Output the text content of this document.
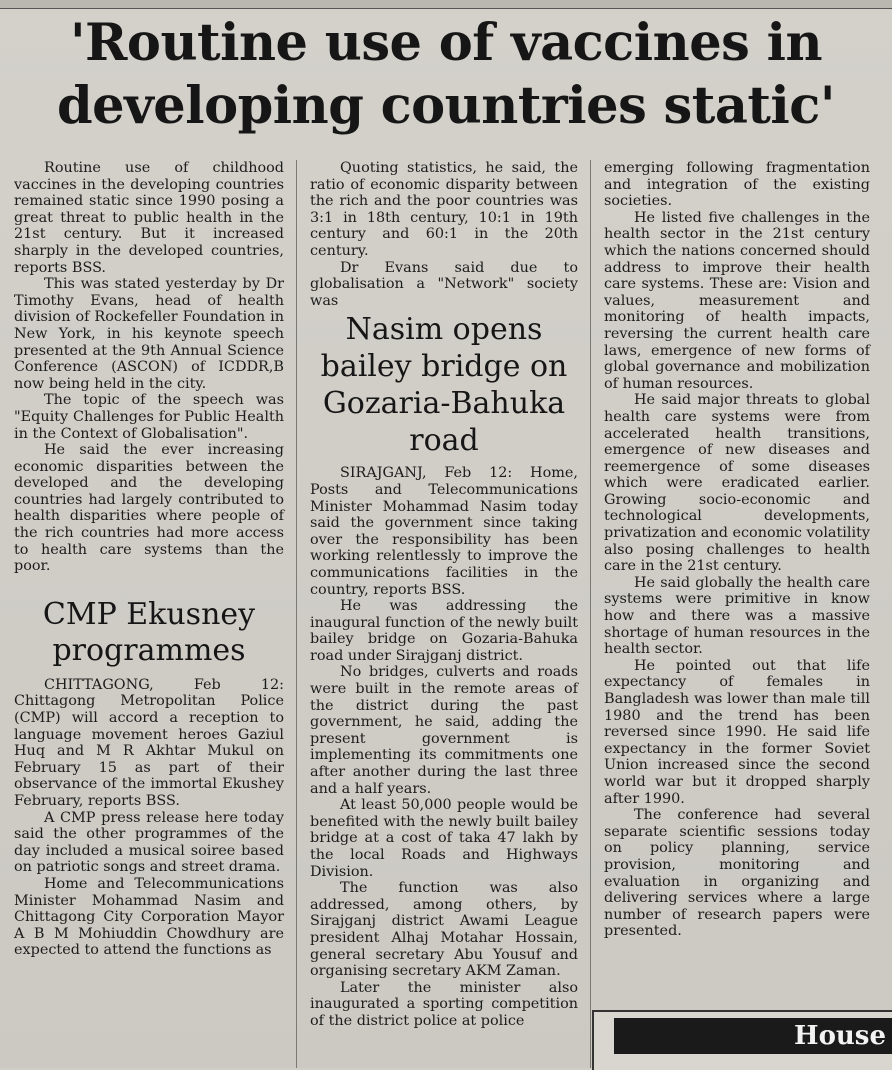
'Routine use of vaccines in developing countries static'

Routine use of childhood vaccines in the developing countries remained static since 1990 posing a great threat to public health in the 21st century. But it increased sharply in the developed countries, reports BSS.

This was stated yesterday by Dr Timothy Evans, head of health division of Rockefeller Foundation in New York, in his keynote speech presented at the 9th Annual Science Conference (ASCON) of ICDDR,B now being held in the city.

The topic of the speech was "Equity Challenges for Public Health in the Context of Globalisation".

He said the ever increasing economic disparities between the developed and the developing countries had largely contributed to health disparities where people of the rich countries had more access to health care systems than the poor.

CMP Ekusney programmes

CHITTAGONG, Feb 12: Chittagong Metropolitan Police (CMP) will accord a reception to language movement heroes Gaziul Huq and M R Akhtar Mukul on February 15 as part of their observance of the immortal Ekushey February, reports BSS.

A CMP press release here today said the other programmes of the day included a musical soiree based on patriotic songs and street drama.

Home and Telecommunications Minister Mohammad Nasim and Chittagong City Corporation Mayor A B M Mohiuddin Chowdhury are expected to attend the functions as

Quoting statistics, he said, the ratio of economic disparity between the rich and the poor countries was 3:1 in 18th century, 10:1 in 19th century and 60:1 in the 20th century.

Dr Evans said due to globalisation a "Network" society was

Nasim opens bailey bridge on Gozaria-Bahuka road

SIRAJGANJ, Feb 12: Home, Posts and Telecommunications Minister Mohammad Nasim today said the government since taking over the responsibility has been working relentlessly to improve the communications facilities in the country, reports BSS.

He was addressing the inaugural function of the newly built bailey bridge on Gozaria-Bahuka road under Sirajganj district.

No bridges, culverts and roads were built in the remote areas of the district during the past government, he said, adding the present government is implementing its commitments one after another during the last three and a half years.

At least 50,000 people would be benefited with the newly built bailey bridge at a cost of taka 47 lakh by the local Roads and Highways Division.

The function was also addressed, among others, by Sirajganj district Awami League president Alhaj Motahar Hossain, general secretary Abu Yousuf and organising secretary AKM Zaman.

Later the minister also inaugurated a sporting competition of the district police at police

emerging following fragmentation and integration of the existing societies.

He listed five challenges in the health sector in the 21st century which the nations concerned should address to improve their health care systems. These are: Vision and values, measurement and monitoring of health impacts, reversing the current health care laws, emergence of new forms of global governance and mobilization of human resources.

He said major threats to global health care systems were from accelerated health transitions, emergence of new diseases and reemergence of some diseases which were eradicated earlier. Growing socio-economic and technological developments, privatization and economic volatility also posing challenges to health care in the 21st century.

He said globally the health care systems were primitive in know how and there was a massive shortage of human resources in the health sector.

He pointed out that life expectancy of females in Bangladesh was lower than male till 1980 and the trend has been reversed since 1990. He said life expectancy in the former Soviet Union increased since the second world war but it dropped sharply after 1990.

The conference had several separate scientific sessions today on policy planning, service provision, monitoring and evaluation in organizing and delivering services where a large number of research papers were presented.

House
